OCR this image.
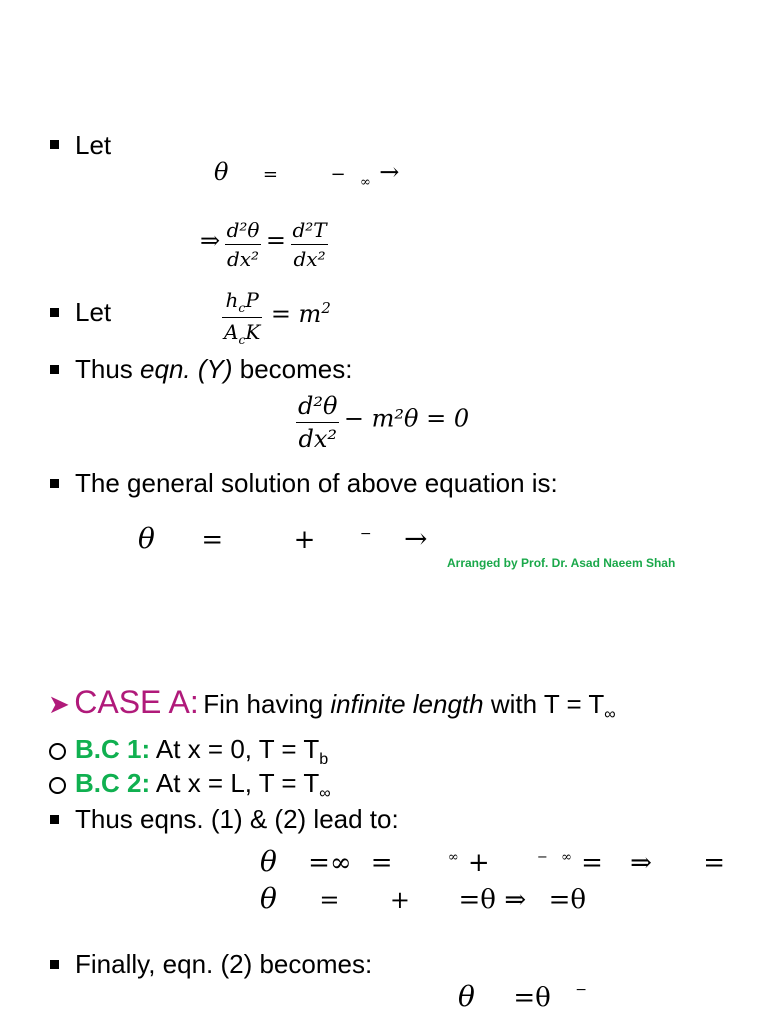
Let
θ =	− $_\infty$ →
⇒ $\frac{\text{d²θ}}{\text{dx²}} = \frac{\text{d²T}}{\text{dx²}}$
Let	$\frac{h_cP}{A_cK} = m^2$
Thus eqn. (Y) becomes:
$\frac{\text{d²θ}}{\text{dx²}} - m^2\theta = 0$
The general solution of above equation is:
θ =	+	− →
Arranged by Prof. Dr. Asad Naeem Shah
➤ CASE A: Fin having infinite length with $T = T_\infty$
B.C 1: At x = 0, $T = T_b$
B.C 2: At x = L, $T = T_\infty$
Thus eqns. (1) & (2) lead to:
θ =∞ =	∞ +	− ∞ = ⇒ =
θ = + =θ ⇒ =θ
Finally, eqn. (2) becomes:
θ =θ −
